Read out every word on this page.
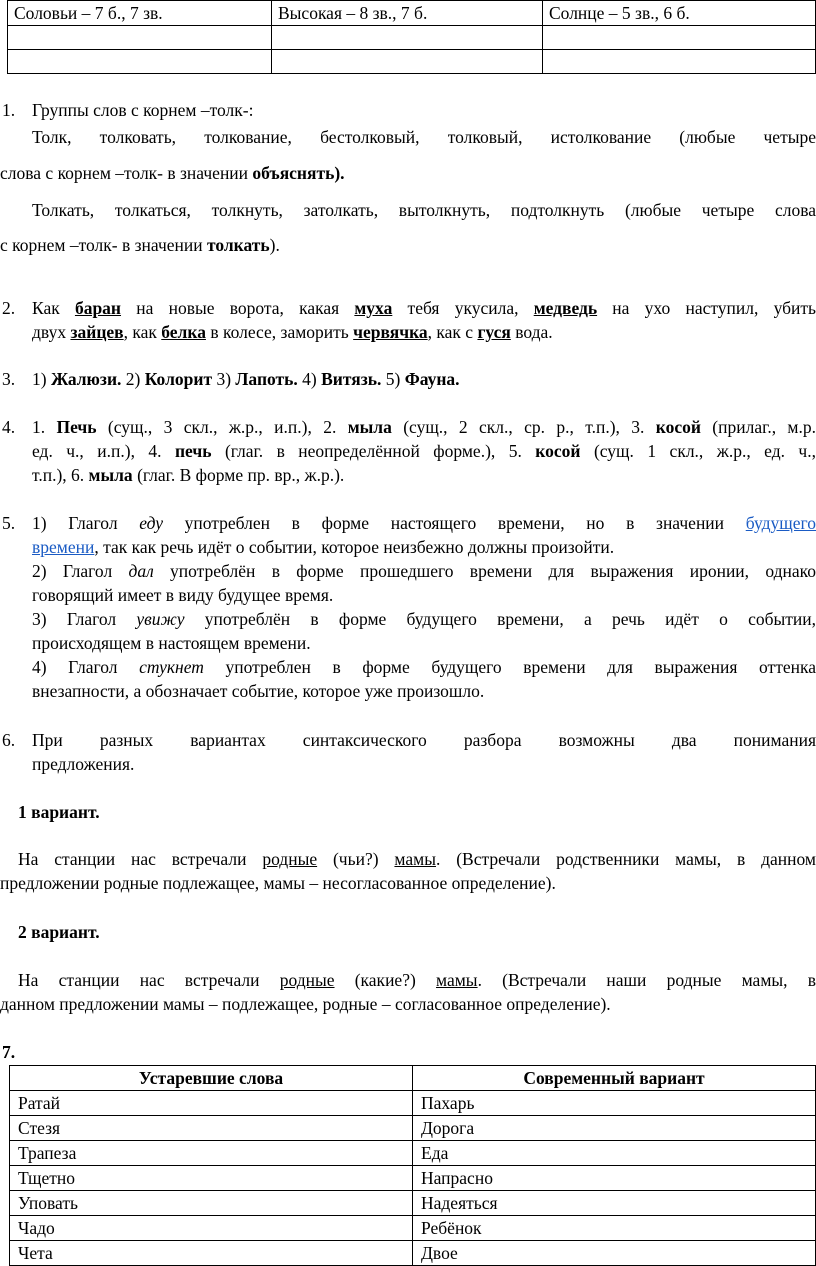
Соловьи – 7 б., 7 зв.	Высокая – 8 зв., 7 б.	Солнце – 5 зв., 6 б.

1. Группы слов с корнем –толк-:
Толк, толковать, толкование, бестолковый, толковый, истолкование (любые четыре
слова с корнем –толк- в значении объяснять).
Толкать, толкаться, толкнуть, затолкать, вытолкнуть, подтолкнуть (любые четыре слова
с корнем –толк- в значении толкать).
2. Как баран на новые ворота, какая муха тебя укусила, медведь на ухо наступил, убить
двух зайцев, как белка в колесе, заморить червячка, как с гуся вода.
3. 1) Жалюзи. 2) Колорит 3) Лапоть. 4) Витязь. 5) Фауна.
4. 1. Печь (сущ., 3 скл., ж.р., и.п.), 2. мыла (сущ., 2 скл., ср. р., т.п.), 3. косой (прилаг., м.р.
ед. ч., и.п.), 4. печь (глаг. в неопределённой форме.), 5. косой (сущ. 1 скл., ж.р., ед. ч.,
т.п.), 6. мыла (глаг. В форме пр. вр., ж.р.).
5. 1) Глагол еду употреблен в форме настоящего времени, но в значении будущего
времени, так как речь идёт о событии, которое неизбежно должны произойти.
2) Глагол дал употреблён в форме прошедшего времени для выражения иронии, однако
говорящий имеет в виду будущее время.
3) Глагол увижу употреблён в форме будущего времени, а речь идёт о событии,
происходящем в настоящем времени.
4) Глагол стукнет употреблен в форме будущего времени для выражения оттенка
внезапности, а обозначает событие, которое уже произошло.
6. При разных вариантах синтаксического разбора возможны два понимания
предложения.
1 вариант.
На станции нас встречали родные (чьи?) мамы. (Встречали родственники мамы, в данном
предложении родные подлежащее, мамы – несогласованное определение).
2 вариант.
На станции нас встречали родные (какие?) мамы. (Встречали наши родные мамы, в
данном предложении мамы – подлежащее, родные – согласованное определение).
7.
Устаревшие слова	Современный вариант
Ратай	Пахарь
Стезя	Дорога
Трапеза	Еда
Тщетно	Напрасно
Уповать	Надеяться
Чадо	Ребёнок
Чета	Двое
